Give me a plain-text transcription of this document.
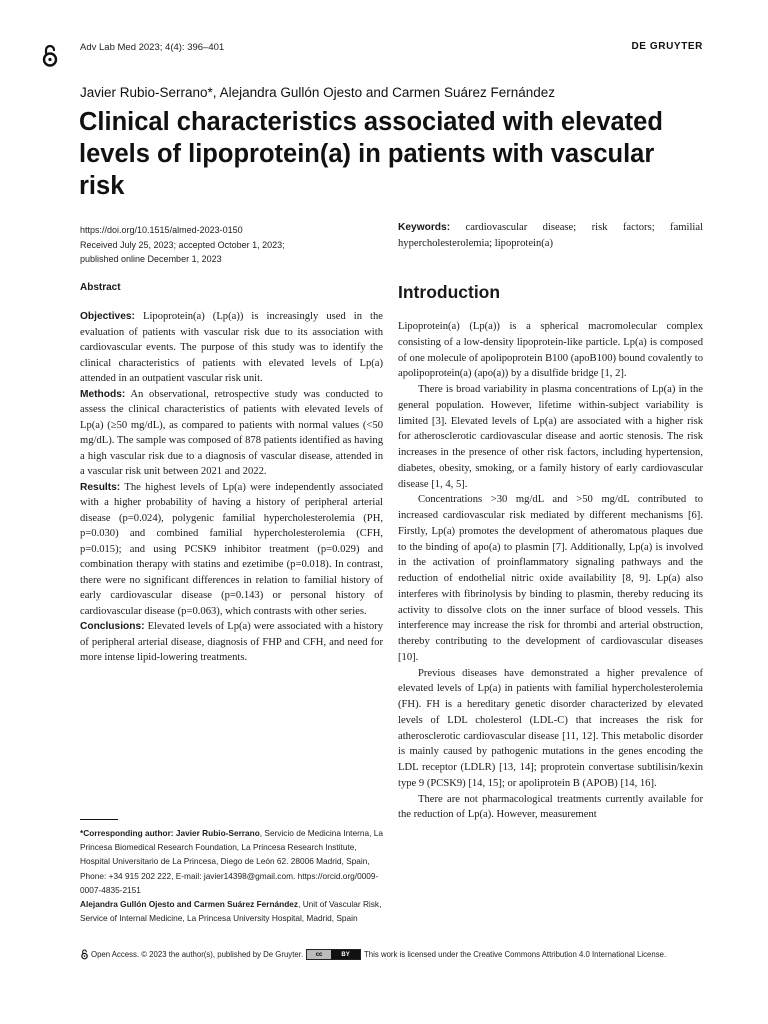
Adv Lab Med 2023; 4(4): 396–401	DE GRUYTER
Javier Rubio-Serrano*, Alejandra Gullón Ojesto and Carmen Suárez Fernández
Clinical characteristics associated with elevated levels of lipoprotein(a) in patients with vascular risk
https://doi.org/10.1515/almed-2023-0150
Received July 25, 2023; accepted October 1, 2023;
published online December 1, 2023
Abstract

Objectives: Lipoprotein(a) (Lp(a)) is increasingly used in the evaluation of patients with vascular risk due to its association with cardiovascular events. The purpose of this study was to identify the clinical characteristics of patients with elevated levels of Lp(a) attended in an outpatient vascular risk unit.

Methods: An observational, retrospective study was conducted to assess the clinical characteristics of patients with elevated levels of Lp(a) (≥50 mg/dL), as compared to patients with normal values (<50 mg/dL). The sample was composed of 878 patients identified as having a high vascular risk due to a diagnosis of vascular disease, attended in a vascular risk unit between 2021 and 2022.

Results: The highest levels of Lp(a) were independently associated with a higher probability of having a history of peripheral arterial disease (p=0.024), polygenic familial hypercholesterolemia (PH, p=0.030) and combined familial hypercholesterolemia (CFH, p=0.015); and using PCSK9 inhibitor treatment (p=0.029) and combination therapy with statins and ezetimibe (p=0.018). In contrast, there were no significant differences in relation to familial history of early cardiovascular disease (p=0.143) or personal history of cardiovascular disease (p=0.063), which contrasts with other series.

Conclusions: Elevated levels of Lp(a) were associated with a history of peripheral arterial disease, diagnosis of FHP and CFH, and need for more intense lipid-lowering treatments.

Keywords: cardiovascular disease; risk factors; familial hypercholesterolemia; lipoprotein(a)
Introduction

Lipoprotein(a) (Lp(a)) is a spherical macromolecular complex consisting of a low-density lipoprotein-like particle. Lp(a) is composed of one molecule of apolipoprotein B100 (apoB100) bound covalently to apolipoprotein(a) (apo(a)) by a disulfide bridge [1, 2].

There is broad variability in plasma concentrations of Lp(a) in the general population. However, lifetime within-subject variability is limited [3]. Elevated levels of Lp(a) are associated with a higher risk for atherosclerotic cardiovascular disease and aortic stenosis. The risk increases in the presence of other risk factors, including hypertension, diabetes, obesity, smoking, or a family history of early cardiovascular disease [1, 4, 5].

Concentrations >30 mg/dL and >50 mg/dL contributed to increased cardiovascular risk mediated by different mechanisms [6]. Firstly, Lp(a) promotes the development of atheromatous plaques due to the binding of apo(a) to plasmin [7]. Additionally, Lp(a) is involved in the activation of proinflammatory signaling pathways and the reduction of endothelial nitric oxide availability [8, 9]. Lp(a) also interferes with fibrinolysis by binding to plasmin, thereby reducing its activity to dissolve clots on the inner surface of blood vessels. This interference may increase the risk for thrombi and arterial obstruction, thereby contributing to the development of cardiovascular diseases [10].

Previous diseases have demonstrated a higher prevalence of elevated levels of Lp(a) in patients with familial hypercholesterolemia (FH). FH is a hereditary genetic disorder characterized by elevated levels of LDL cholesterol (LDL-C) that increases the risk for atherosclerotic cardiovascular disease [11, 12]. This metabolic disorder is mainly caused by pathogenic mutations in the genes encoding the LDL receptor (LDLR) [13, 14]; proprotein convertase subtilisin/kexin type 9 (PCSK9) [14, 15]; or apoliprotein B (APOB) [14, 16].

There are not pharmacological treatments currently available for the reduction of Lp(a). However, measurement

*Corresponding author: Javier Rubio-Serrano, Servicio de Medicina Interna, La Princesa Biomedical Research Foundation, La Princesa Research Institute, Hospital Universitario de La Princesa, Diego de León 62. 28006 Madrid, Spain, Phone: +34 915 202 222, E-mail: javier14398@gmail.com. https://orcid.org/0009-0007-4835-2151

Alejandra Gullón Ojesto and Carmen Suárez Fernández, Unit of Vascular Risk, Service of Internal Medicine, La Princesa University Hospital, Madrid, Spain

Open Access. © 2023 the author(s), published by De Gruyter.	cc	BY	This work is licensed under the Creative Commons Attribution 4.0 International License.
